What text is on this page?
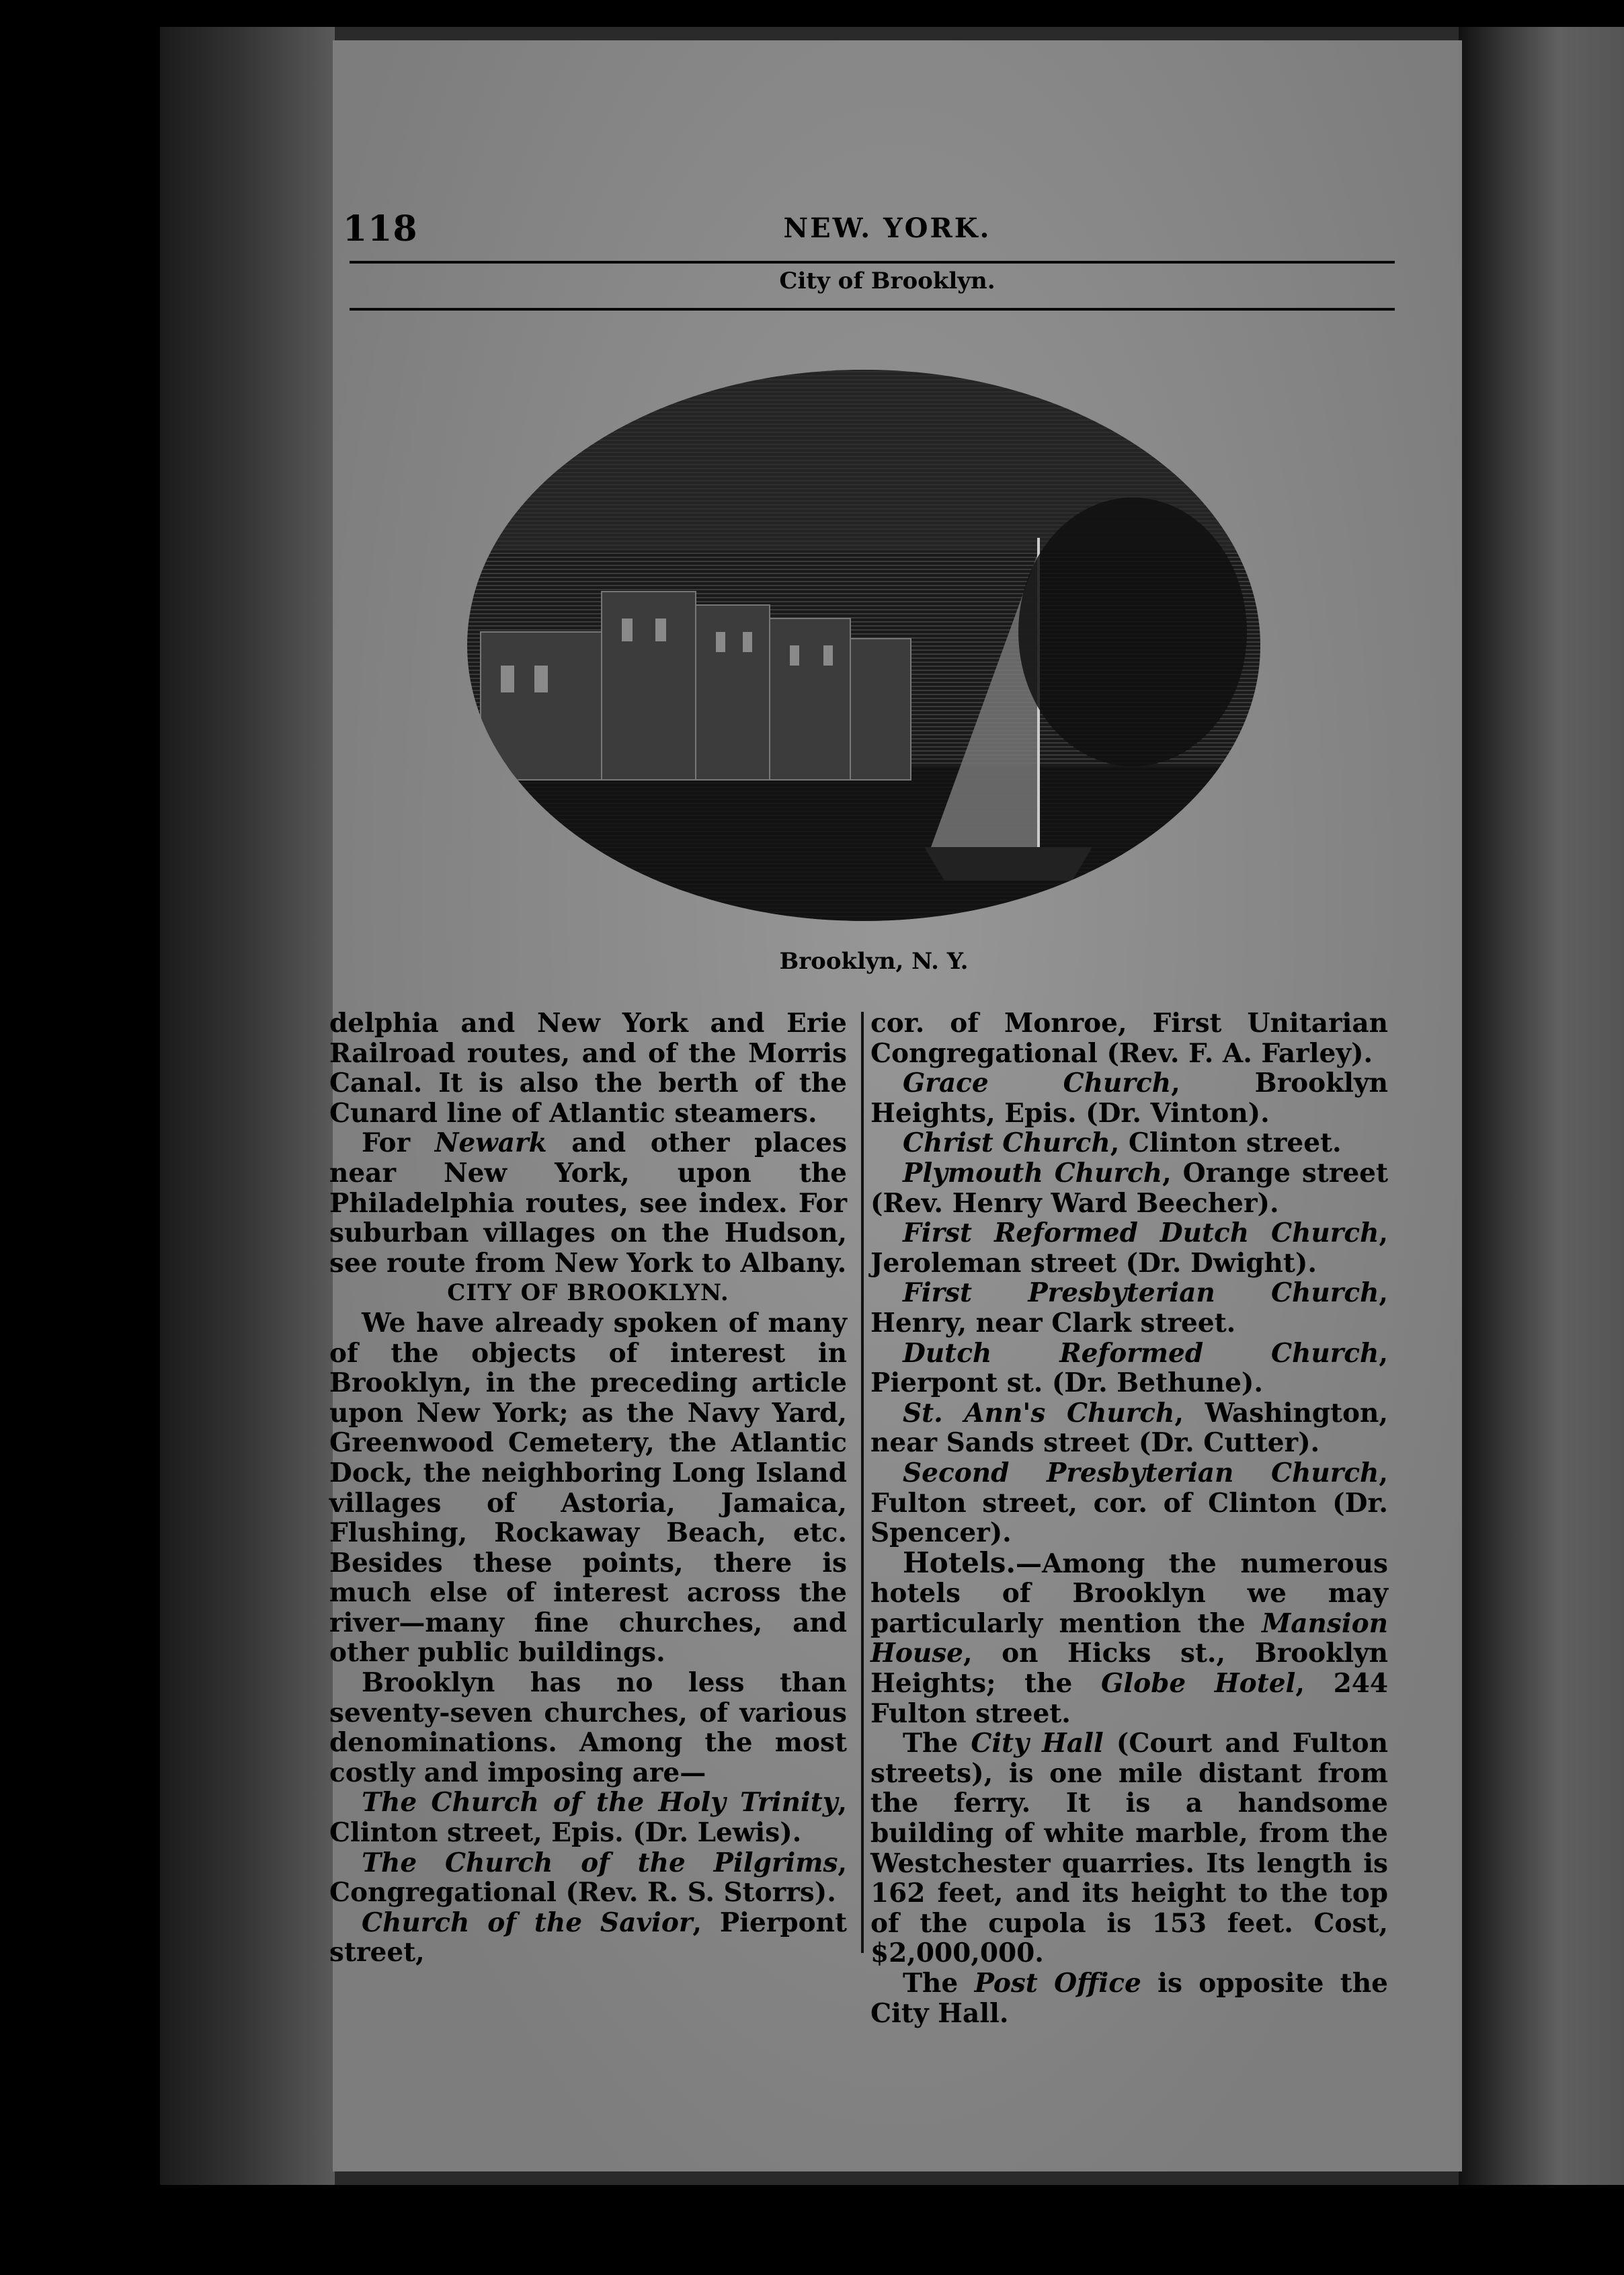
118	NEW. YORK.
City of Brooklyn.
Brooklyn, N. Y.

delphia and New York and Erie Railroad routes, and of the Morris Canal. It is also the berth of the Cunard line of Atlantic steamers.

For Newark and other places near New York, upon the Philadelphia routes, see index. For suburban villages on the Hudson, see route from New York to Albany.

CITY OF BROOKLYN.

We have already spoken of many of the objects of interest in Brooklyn, in the preceding article upon New York; as the Navy Yard, Greenwood Cemetery, the Atlantic Dock, the neighboring Long Island villages of Astoria, Jamaica, Flushing, Rockaway Beach, etc. Besides these points, there is much else of interest across the river—many fine churches, and other public buildings.

Brooklyn has no less than seventy-seven churches, of various denominations. Among the most costly and imposing are—

The Church of the Holy Trinity, Clinton street, Epis. (Dr. Lewis).

The Church of the Pilgrims, Congregational (Rev. R. S. Storrs).

Church of the Savior, Pierpont street,

cor. of Monroe, First Unitarian Congregational (Rev. F. A. Farley).

Grace Church, Brooklyn Heights, Epis. (Dr. Vinton).

Christ Church, Clinton street.

Plymouth Church, Orange street (Rev. Henry Ward Beecher).

First Reformed Dutch Church, Jeroleman street (Dr. Dwight).

First Presbyterian Church, Henry, near Clark street.

Dutch Reformed Church, Pierpont st. (Dr. Bethune).

St. Ann's Church, Washington, near Sands street (Dr. Cutter).

Second Presbyterian Church, Fulton street, cor. of Clinton (Dr. Spencer).

Hotels.—Among the numerous hotels of Brooklyn we may particularly mention the Mansion House, on Hicks st., Brooklyn Heights; the Globe Hotel, 244 Fulton street.

The City Hall (Court and Fulton streets), is one mile distant from the ferry. It is a handsome building of white marble, from the Westchester quarries. Its length is 162 feet, and its height to the top of the cupola is 153 feet. Cost, $2,000,000.

The Post Office is opposite the City Hall.
